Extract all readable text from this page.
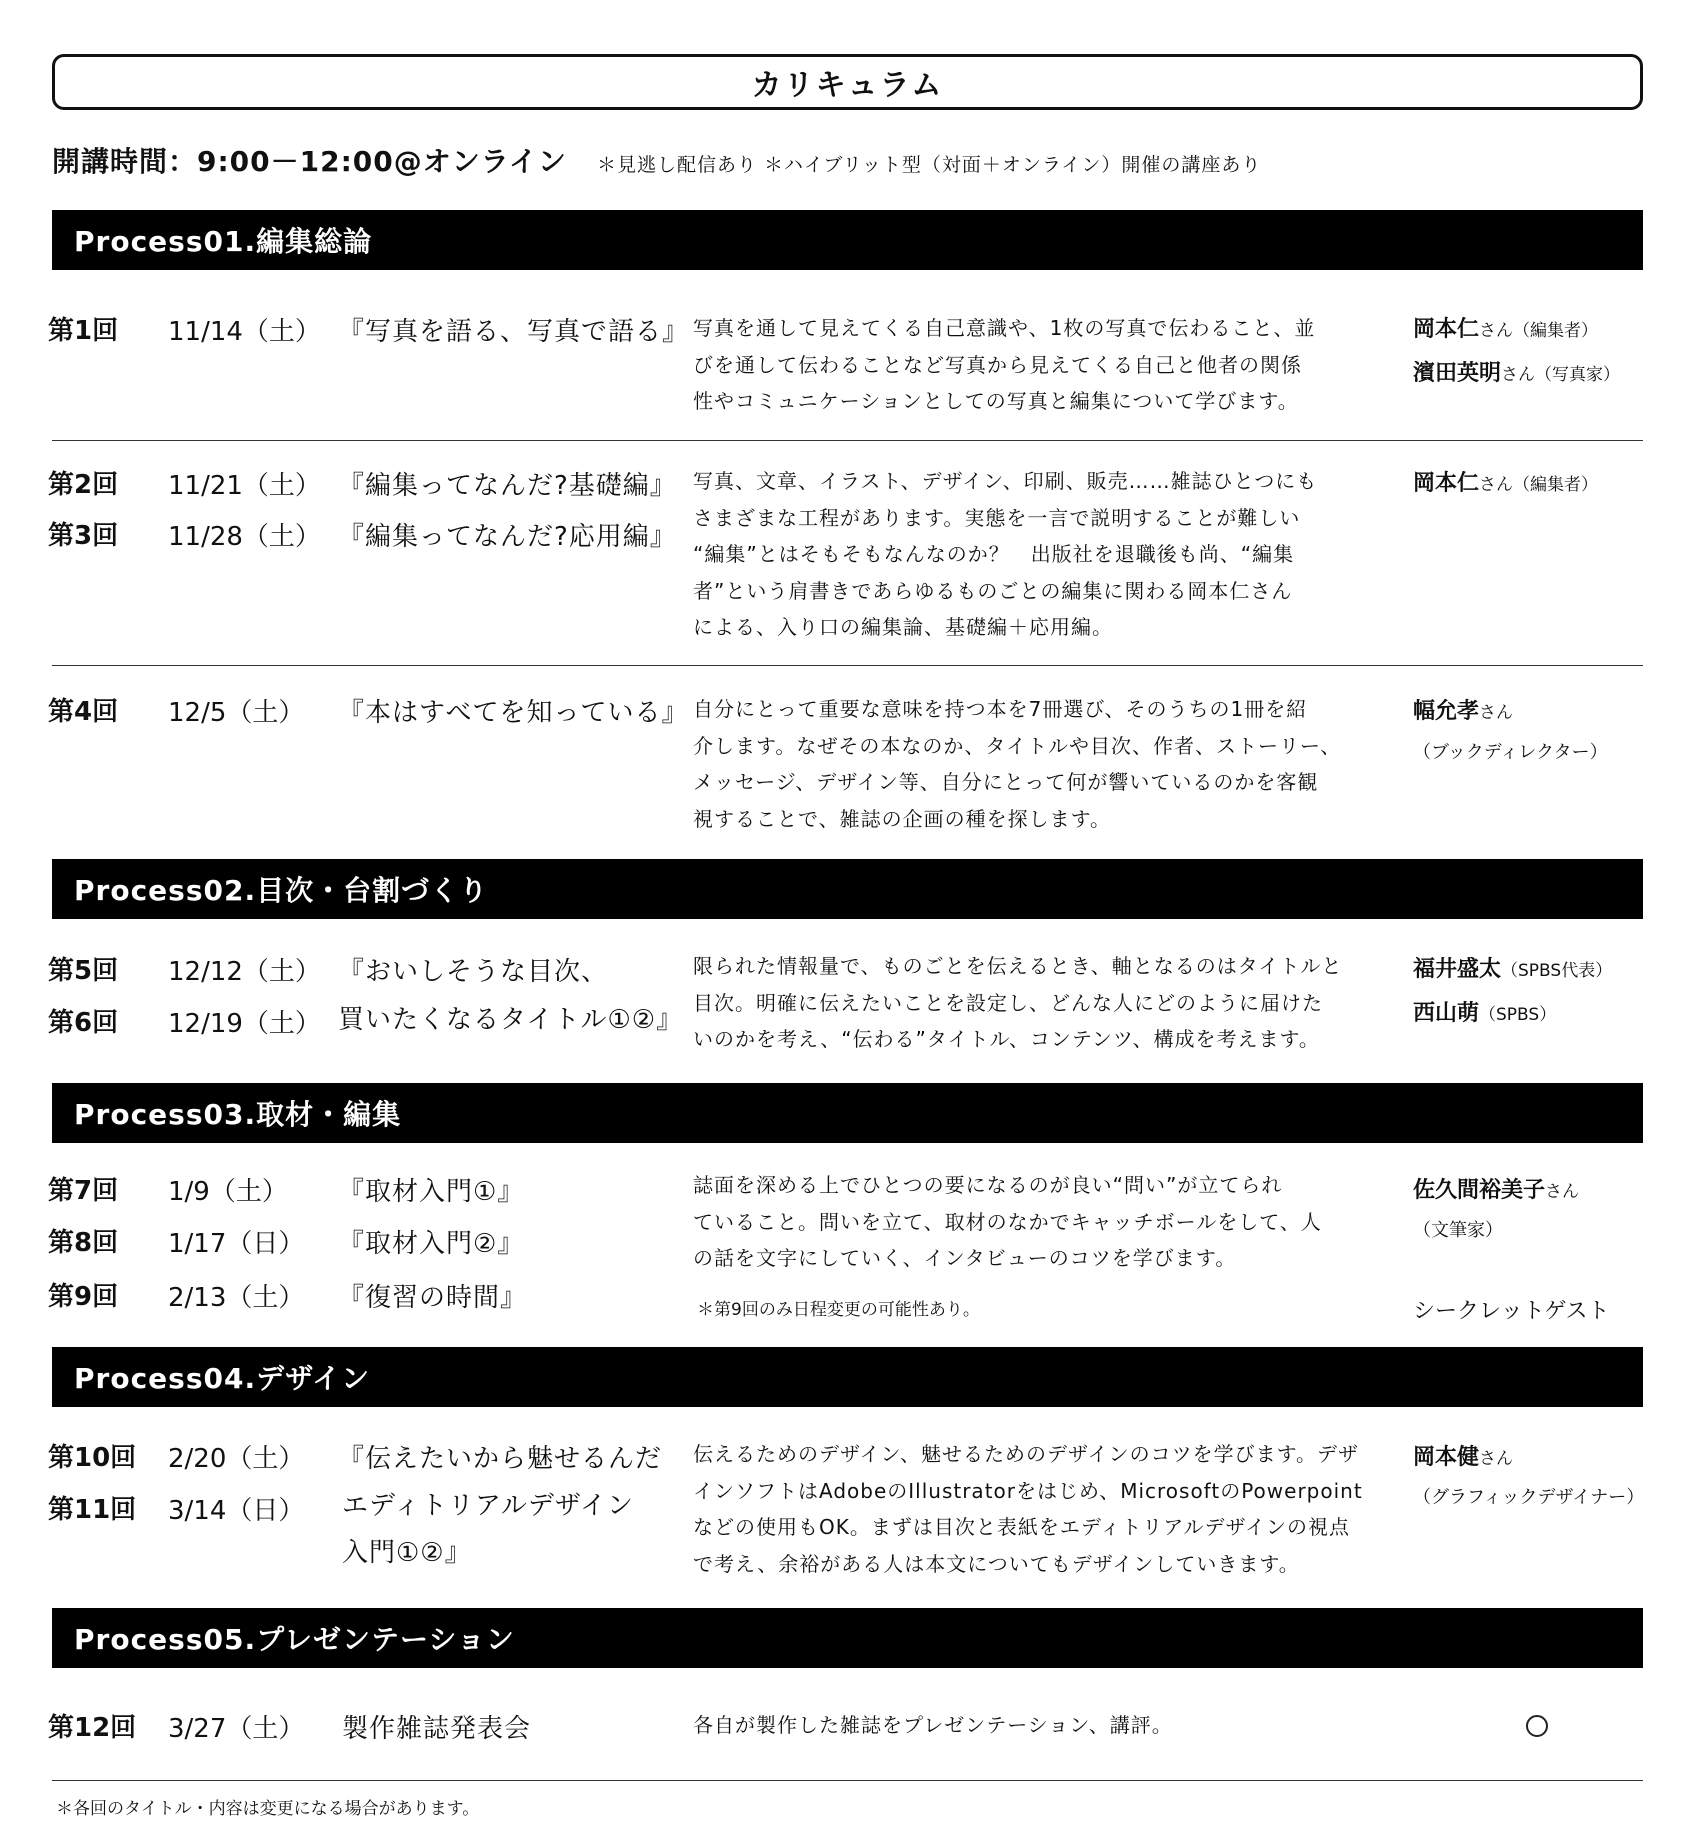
カリキュラム
開講時間：9:00－12:00@オンライン ＊見逃し配信あり ＊ハイブリット型（対面＋オンライン）開催の講座あり
Process01.編集総論
第1回 11/14（土） 『写真を語る、写真で語る』 写真を通して見えてくる自己意識や、1枚の写真で伝わること、並
びを通して伝わることなど写真から見えてくる自己と他者の関係
性やコミュニケーションとしての写真と編集について学びます。
岡本仁さん（編集者）
濱田英明さん（写真家）
第2回 11/21（土） 『編集ってなんだ?基礎編』
第3回 11/28（土） 『編集ってなんだ?応用編』
写真、文章、イラスト、デザイン、印刷、販売……雑誌ひとつにも
さまざまな工程があります。実態を一言で説明することが難しい
“編集”とはそもそもなんなのか？　出版社を退職後も尚、“編集
者”という肩書きであらゆるものごとの編集に関わる岡本仁さん
による、入り口の編集論、基礎編＋応用編。
岡本仁さん（編集者）
第4回 12/5（土） 『本はすべてを知っている』 自分にとって重要な意味を持つ本を7冊選び、そのうちの1冊を紹
介します。なぜその本なのか、タイトルや目次、作者、ストーリー、
メッセージ、デザイン等、自分にとって何が響いているのかを客観
視することで、雑誌の企画の種を探します。
幅允孝さん
（ブックディレクター）
Process02.目次・台割づくり
第5回 12/12（土） 『おいしそうな目次、
第6回 12/19（土） 買いたくなるタイトル①②』
限られた情報量で、ものごとを伝えるとき、軸となるのはタイトルと
目次。明確に伝えたいことを設定し、どんな人にどのように届けた
いのかを考え、“伝わる”タイトル、コンテンツ、構成を考えます。
福井盛太（SPBS代表）
西山萌（SPBS）
Process03.取材・編集
第7回 1/9（土） 『取材入門①』
第8回 1/17（日） 『取材入門②』
第9回 2/13（土） 『復習の時間』
誌面を深める上でひとつの要になるのが良い“問い”が立てられ
ていること。問いを立て、取材のなかでキャッチボールをして、人
の話を文字にしていく、インタビューのコツを学びます。
＊第9回のみ日程変更の可能性あり。
佐久間裕美子さん
（文筆家）
シークレットゲスト
Process04.デザイン
第10回 2/20（土） 『伝えたいから魅せるんだ
第11回 3/14（日） エディトリアルデザイン
入門①②』
伝えるためのデザイン、魅せるためのデザインのコツを学びます。デザ
インソフトはAdobeのIllustratorをはじめ、MicrosoftのPowerpoint
などの使用もOK。まずは目次と表紙をエディトリアルデザインの視点
で考え、余裕がある人は本文についてもデザインしていきます。
岡本健さん
（グラフィックデザイナー）
Process05.プレゼンテーション
第12回 3/27（土） 製作雑誌発表会	各自が製作した雑誌をプレゼンテーション、講評。
＊各回のタイトル・内容は変更になる場合があります。
